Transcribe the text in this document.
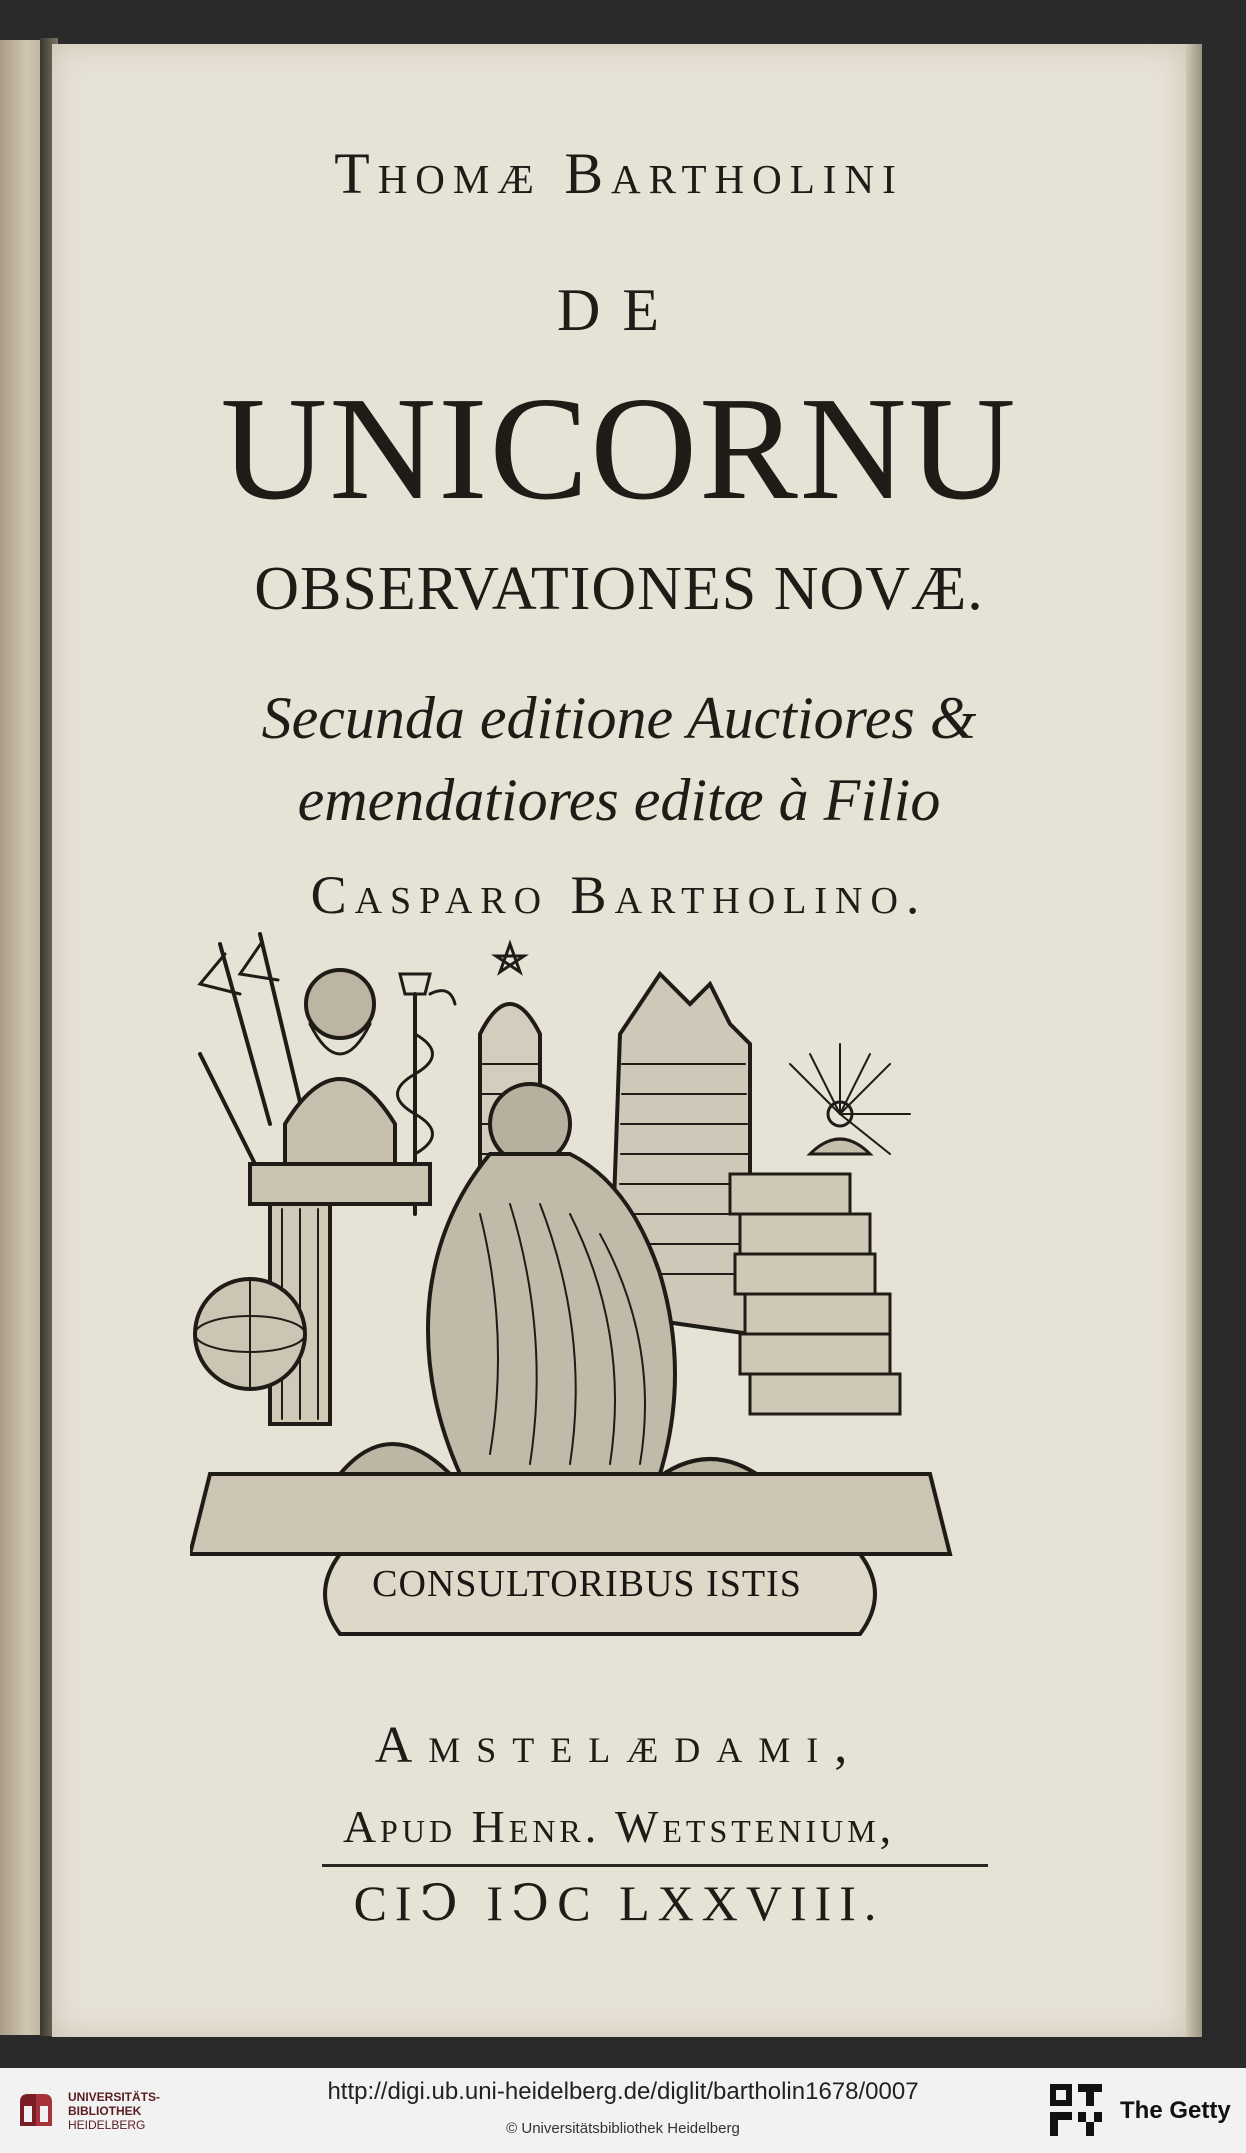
Thomæ Bartholini
DE
UNICORNU
OBSERVATIONES NOVÆ.
Secunda editione Auctiores &
emendatiores editæ à Filio
Casparo Bartholino.
CONSULTORIBUS ISTIS
Amstelædami,
Apud Henr. Wetstenium,
CIↃ IↃC LXXVIII.
UNIVERSITÄTS-
BIBLIOTHEK
HEIDELBERG
http://digi.ub.uni-heidelberg.de/diglit/bartholin1678/0007
© Universitätsbibliothek Heidelberg
The Getty
